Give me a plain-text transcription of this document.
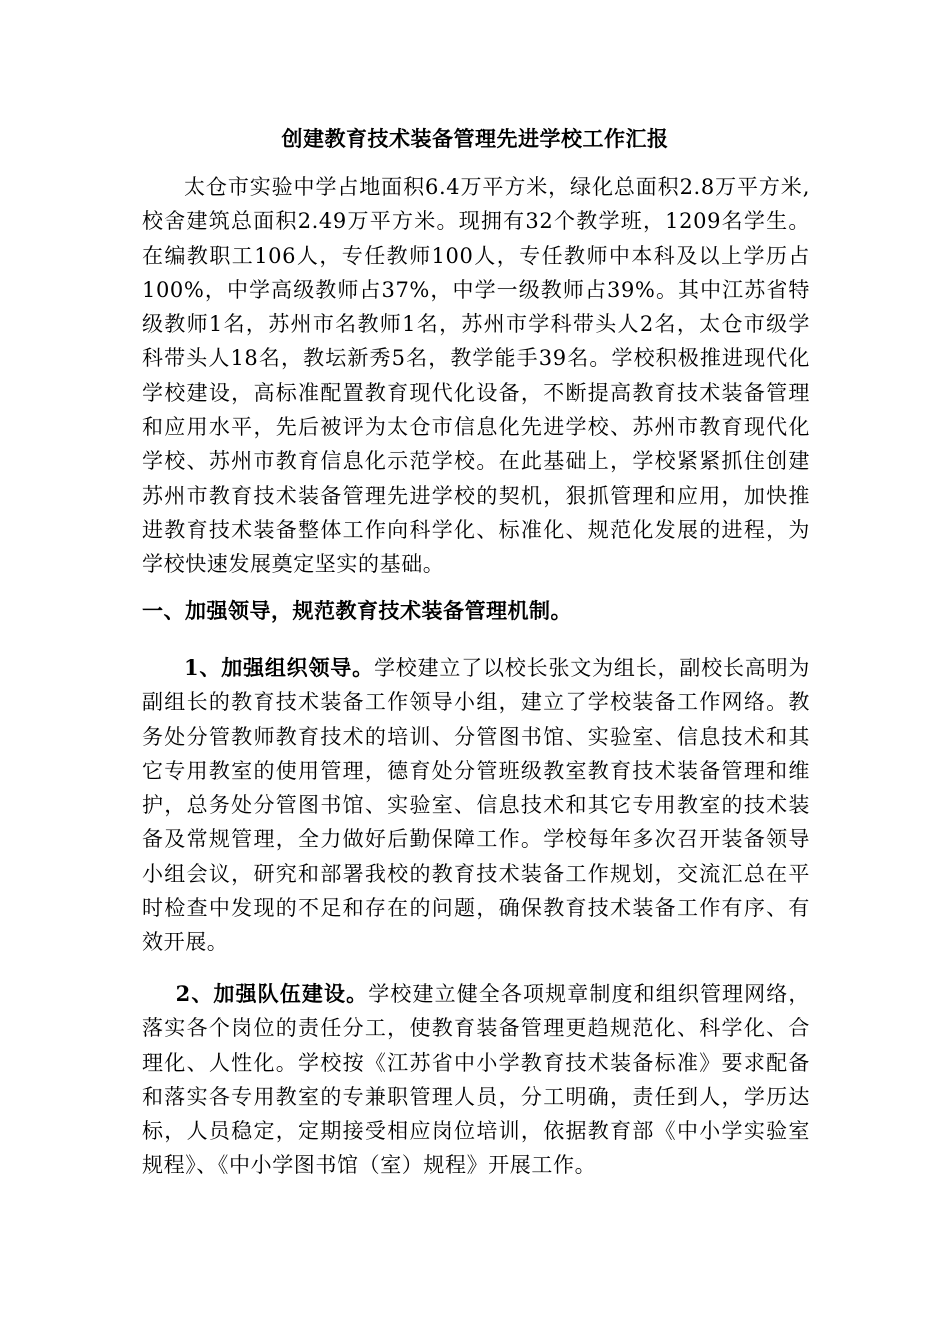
创建教育技术装备管理先进学校工作汇报

太仓市实验中学占地面积6.4万平方米，绿化总面积2.8万平方米,校舍建筑总面积2.49万平方米。现拥有32个教学班，1209名学生。在编教职工106人，专任教师100人，专任教师中本科及以上学历占100%，中学高级教师占37%，中学一级教师占39%。其中江苏省特级教师1名，苏州市名教师1名，苏州市学科带头人2名，太仓市级学科带头人18名，教坛新秀5名，教学能手39名。学校积极推进现代化学校建设，高标准配置教育现代化设备，不断提高教育技术装备管理和应用水平，先后被评为太仓市信息化先进学校、苏州市教育现代化学校、苏州市教育信息化示范学校。在此基础上，学校紧紧抓住创建苏州市教育技术装备管理先进学校的契机，狠抓管理和应用，加快推进教育技术装备整体工作向科学化、标准化、规范化发展的进程，为学校快速发展奠定坚实的基础。

一、加强领导，规范教育技术装备管理机制。

1、加强组织领导。学校建立了以校长张文为组长，副校长高明为副组长的教育技术装备工作领导小组，建立了学校装备工作网络。教务处分管教师教育技术的培训、分管图书馆、实验室、信息技术和其它专用教室的使用管理，德育处分管班级教室教育技术装备管理和维护，总务处分管图书馆、实验室、信息技术和其它专用教室的技术装备及常规管理，全力做好后勤保障工作。学校每年多次召开装备领导小组会议，研究和部署我校的教育技术装备工作规划，交流汇总在平时检查中发现的不足和存在的问题，确保教育技术装备工作有序、有效开展。

2、加强队伍建设。学校建立健全各项规章制度和组织管理网络，落实各个岗位的责任分工，使教育装备管理更趋规范化、科学化、合理化、人性化。学校按《江苏省中小学教育技术装备标准》要求配备和落实各专用教室的专兼职管理人员，分工明确，责任到人，学历达标，人员稳定，定期接受相应岗位培训，依据教育部《中小学实验室规程》、《中小学图书馆（室）规程》开展工作。
